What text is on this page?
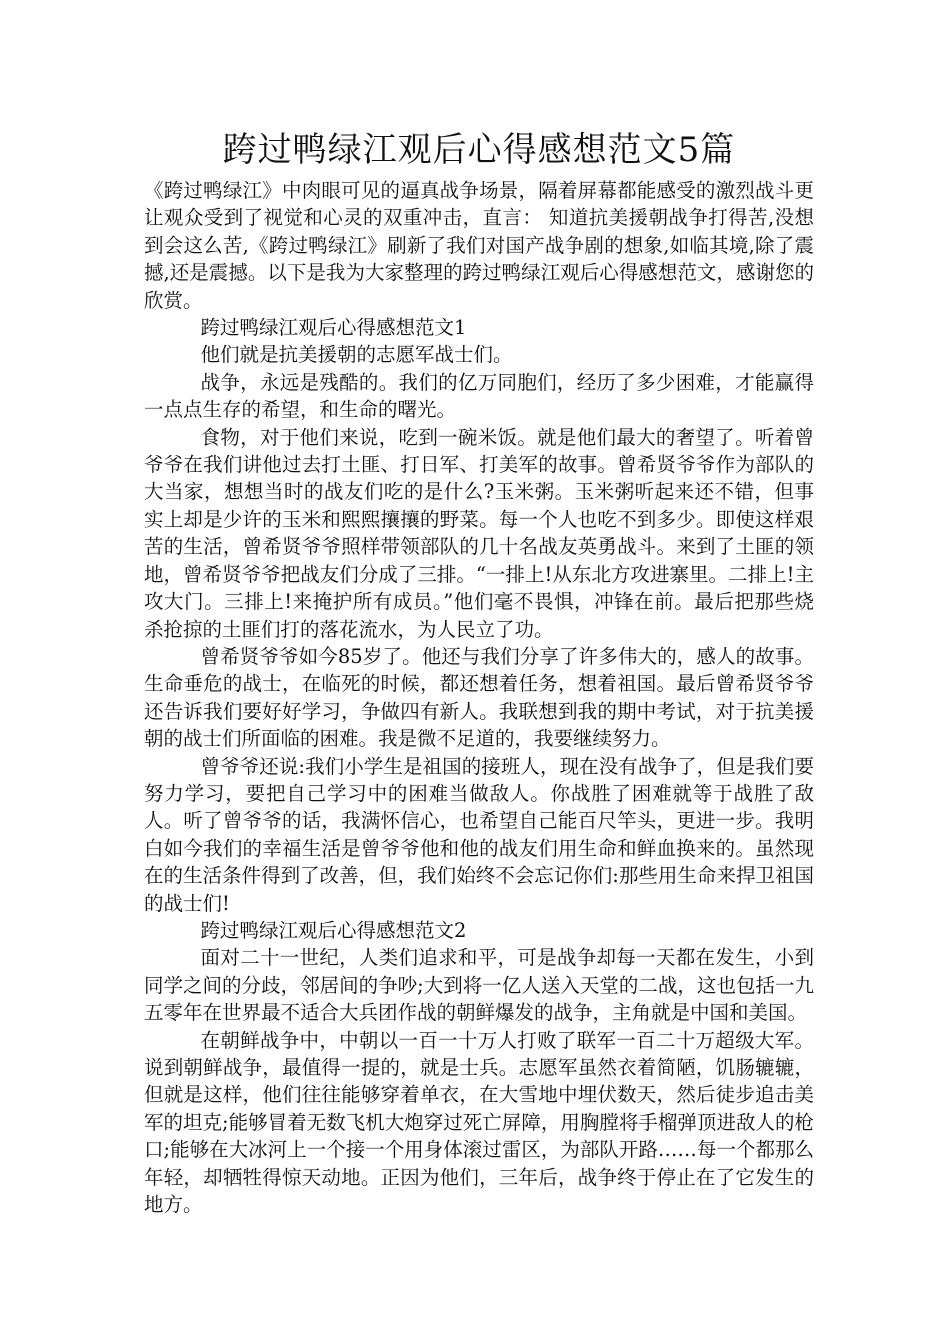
跨过鸭绿江观后心得感想范文5篇

《跨过鸭绿江》中肉眼可见的逼真战争场景，隔着屏幕都能感受的激烈战斗更让观众受到了视觉和心灵的双重冲击，直言： 知道抗美援朝战争打得苦,没想到会这么苦,《跨过鸭绿江》刷新了我们对国产战争剧的想象,如临其境,除了震撼,还是震撼。以下是我为大家整理的跨过鸭绿江观后心得感想范文，感谢您的欣赏。

跨过鸭绿江观后心得感想范文1

他们就是抗美援朝的志愿军战士们。

战争，永远是残酷的。我们的亿万同胞们，经历了多少困难，才能赢得一点点生存的希望，和生命的曙光。

食物，对于他们来说，吃到一碗米饭。就是他们最大的奢望了。听着曾爷爷在我们讲他过去打土匪、打日军、打美军的故事。曾希贤爷爷作为部队的大当家，想想当时的战友们吃的是什么?玉米粥。玉米粥听起来还不错，但事实上却是少许的玉米和熙熙攘攘的野菜。每一个人也吃不到多少。即使这样艰苦的生活，曾希贤爷爷照样带领部队的几十名战友英勇战斗。来到了土匪的领地，曾希贤爷爷把战友们分成了三排。“一排上!从东北方攻进寨里。二排上!主攻大门。三排上!来掩护所有成员。”他们毫不畏惧，冲锋在前。最后把那些烧杀抢掠的土匪们打的落花流水，为人民立了功。

曾希贤爷爷如今85岁了。他还与我们分享了许多伟大的，感人的故事。生命垂危的战士，在临死的时候，都还想着任务，想着祖国。最后曾希贤爷爷还告诉我们要好好学习，争做四有新人。我联想到我的期中考试，对于抗美援朝的战士们所面临的困难。我是微不足道的，我要继续努力。

曾爷爷还说:我们小学生是祖国的接班人，现在没有战争了，但是我们要努力学习，要把自己学习中的困难当做敌人。你战胜了困难就等于战胜了敌人。听了曾爷爷的话，我满怀信心，也希望自己能百尺竿头，更进一步。我明白如今我们的幸福生活是曾爷爷他和他的战友们用生命和鲜血换来的。虽然现在的生活条件得到了改善，但，我们始终不会忘记你们:那些用生命来捍卫祖国的战士们!

跨过鸭绿江观后心得感想范文2

面对二十一世纪，人类们追求和平，可是战争却每一天都在发生，小到同学之间的分歧，邻居间的争吵;大到将一亿人送入天堂的二战，这也包括一九五零年在世界最不适合大兵团作战的朝鲜爆发的战争，主角就是中国和美国。

在朝鲜战争中，中朝以一百一十万人打败了联军一百二十万超级大军。说到朝鲜战争，最值得一提的，就是士兵。志愿军虽然衣着简陋，饥肠辘辘，但就是这样，他们往往能够穿着单衣，在大雪地中埋伏数天，然后徒步追击美军的坦克;能够冒着无数飞机大炮穿过死亡屏障，用胸膛将手榴弹顶进敌人的枪口;能够在大冰河上一个接一个用身体滚过雷区，为部队开路……每一个都那么年轻，却牺牲得惊天动地。正因为他们，三年后，战争终于停止在了它发生的地方。
